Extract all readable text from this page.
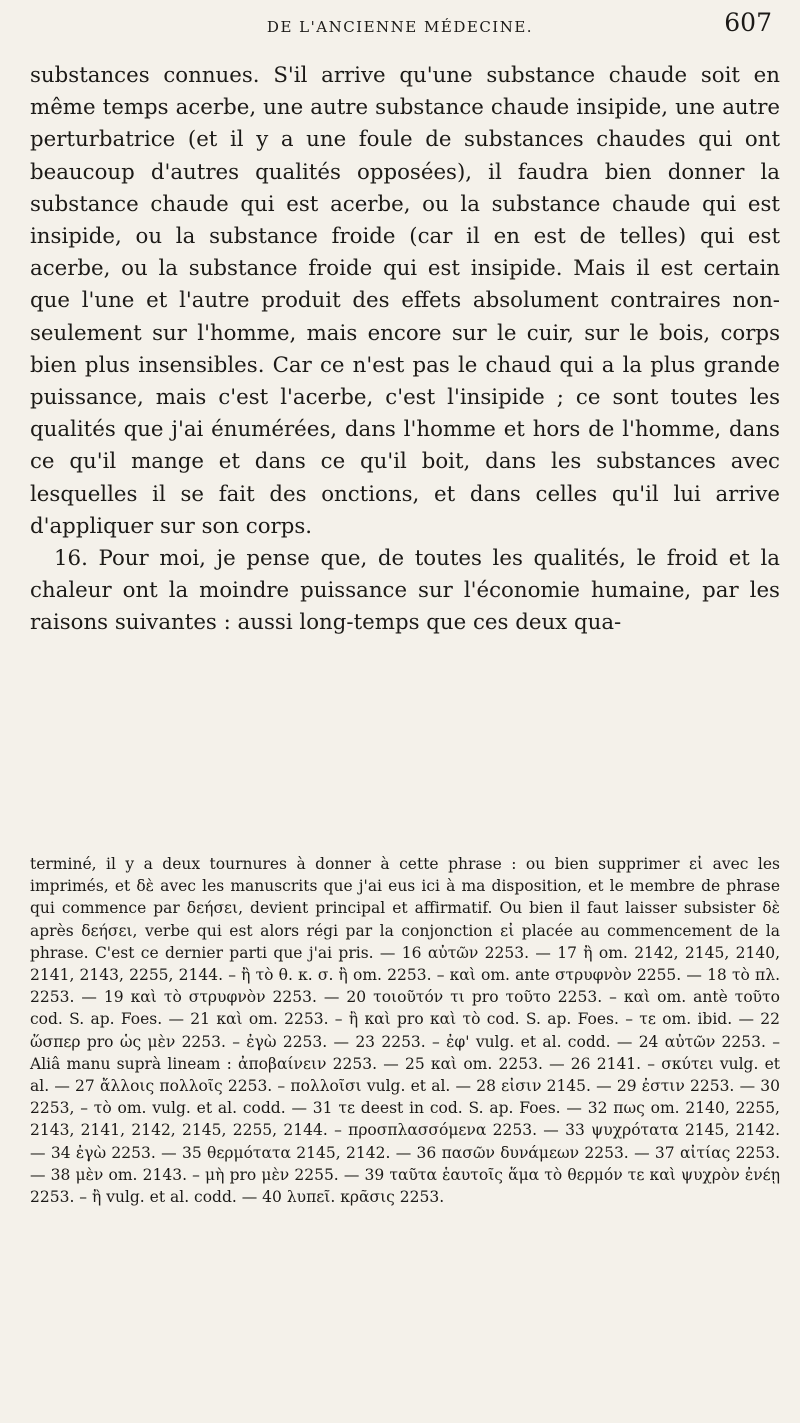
DE L'ANCIENNE MÉDECINE.	607

substances connues. S'il arrive qu'une substance chaude soit en même temps acerbe, une autre substance chaude insipide, une autre perturbatrice (et il y a une foule de substances chaudes qui ont beaucoup d'autres qualités opposées), il faudra bien donner la substance chaude qui est acerbe, ou la substance chaude qui est insipide, ou la substance froide (car il en est de telles) qui est acerbe, ou la substance froide qui est insipide. Mais il est certain que l'une et l'autre produit des effets absolument contraires non-seulement sur l'homme, mais encore sur le cuir, sur le bois, corps bien plus insensibles. Car ce n'est pas le chaud qui a la plus grande puissance, mais c'est l'acerbe, c'est l'insipide ; ce sont toutes les qualités que j'ai énumérées, dans l'homme et hors de l'homme, dans ce qu'il mange et dans ce qu'il boit, dans les substances avec lesquelles il se fait des onctions, et dans celles qu'il lui arrive d'appliquer sur son corps.

16. Pour moi, je pense que, de toutes les qualités, le froid et la chaleur ont la moindre puissance sur l'économie humaine, par les raisons suivantes : aussi long-temps que ces deux qua-

terminé, il y a deux tournures à donner à cette phrase : ou bien supprimer εἰ avec les imprimés, et δὲ avec les manuscrits que j'ai eus ici à ma disposition, et le membre de phrase qui commence par δεήσει, devient principal et affirmatif. Ou bien il faut laisser subsister δὲ après δεήσει, verbe qui est alors régi par la conjonction εἰ placée au commencement de la phrase. C'est ce dernier parti que j'ai pris. — 16 αὐτῶν 2253. — 17 ἢ om. 2142, 2145, 2140, 2141, 2143, 2255, 2144. – ἢ τὸ θ. κ. σ. ἢ om. 2253. – καὶ om. ante στρυφνὸν 2255. — 18 τὸ πλ. 2253. — 19 καὶ τὸ στρυφνὸν 2253. — 20 τοιοῦτόν τι pro τοῦτο 2253. – καὶ om. antè τοῦτο cod. S. ap. Foes. — 21 καὶ om. 2253. – ἢ καὶ pro καὶ τὸ cod. S. ap. Foes. – τε om. ibid. — 22 ὥσπερ pro ὡς μὲν 2253. – ἐγὼ 2253. — 23 2253. – ἐφ' vulg. et al. codd. — 24 αὐτῶν 2253. – Aliâ manu suprà lineam : ἀποβαίνειν 2253. — 25 καὶ om. 2253. — 26 2141. – σκύτει vulg. et al. — 27 ἄλλοις πολλοῖς 2253. – πολλοῖσι vulg. et al. — 28 εἰσιν 2145. — 29 ἐστιν 2253. — 30 2253, – τὸ om. vulg. et al. codd. — 31 τε deest in cod. S. ap. Foes. — 32 πως om. 2140, 2255, 2143, 2141, 2142, 2145, 2255, 2144. – προσπλασσόμενα 2253. — 33 ψυχρότατα 2145, 2142. — 34 ἐγὼ 2253. — 35 θερμότατα 2145, 2142. — 36 πασῶν δυνάμεων 2253. — 37 αἰτίας 2253. — 38 μὲν om. 2143. – μὴ pro μὲν 2255. — 39 ταῦτα ἑαυτοῖς ἅμα τὸ θερμόν τε καὶ ψυχρὸν ἐνέῃ 2253. – ἢ vulg. et al. codd. — 40 λυπεῖ. κρᾶσις 2253.
